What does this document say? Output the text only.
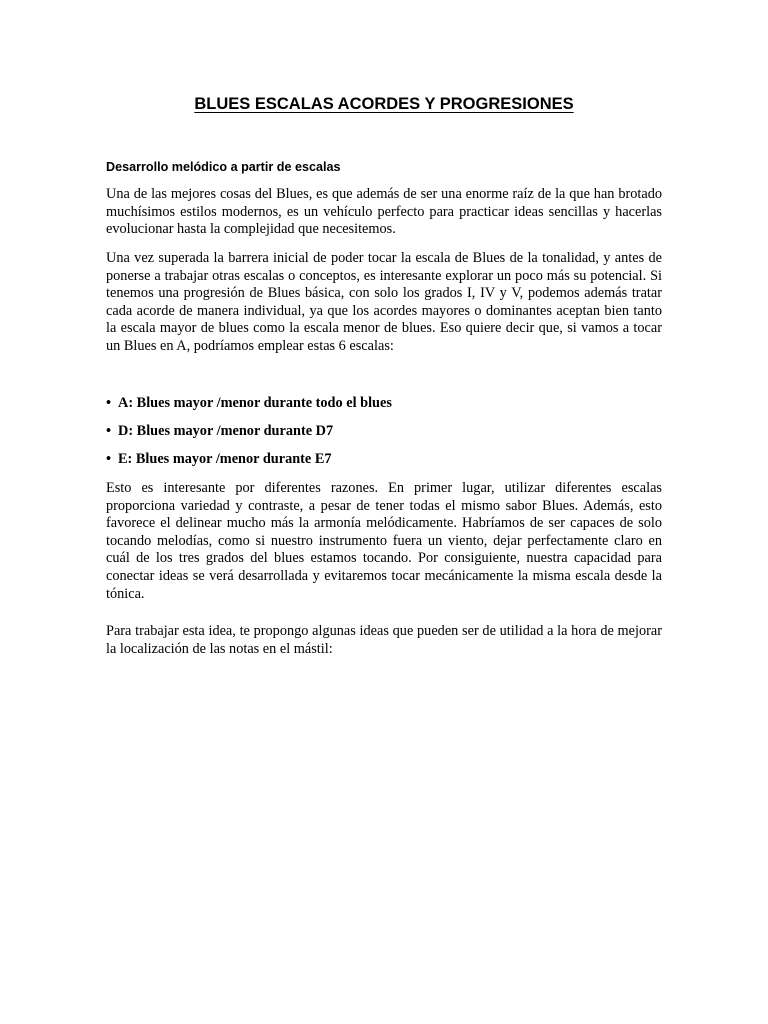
BLUES ESCALAS ACORDES Y PROGRESIONES
Desarrollo melódico a partir de escalas

Una de las mejores cosas del Blues, es que además de ser una enorme raíz de la que han brotado muchísimos estilos modernos, es un vehículo perfecto para practicar ideas sencillas y hacerlas evolucionar hasta la complejidad que necesitemos.

Una vez superada la barrera inicial de poder tocar la escala de Blues de la tonalidad, y antes de ponerse a trabajar otras escalas o conceptos, es interesante explorar un poco más su potencial. Si tenemos una progresión de Blues básica, con solo los grados I, IV y V, podemos además tratar cada acorde de manera individual, ya que los acordes mayores o dominantes aceptan bien tanto la escala mayor de blues como la escala menor de blues. Eso quiere decir que, si vamos a tocar un Blues en A, podríamos emplear estas 6 escalas:

• A: Blues mayor /menor durante todo el blues
• D: Blues mayor /menor durante D7
• E: Blues mayor /menor durante E7

Esto es interesante por diferentes razones. En primer lugar, utilizar diferentes escalas proporciona variedad y contraste, a pesar de tener todas el mismo sabor Blues. Además, esto favorece el delinear mucho más la armonía melódicamente. Habríamos de ser capaces de solo tocando melodías, como si nuestro instrumento fuera un viento, dejar perfectamente claro en cuál de los tres grados del blues estamos tocando. Por consiguiente, nuestra capacidad para conectar ideas se verá desarrollada y evitaremos tocar mecánicamente la misma escala desde la tónica.

Para trabajar esta idea, te propongo algunas ideas que pueden ser de utilidad a la hora de mejorar la localización de las notas en el mástil:
